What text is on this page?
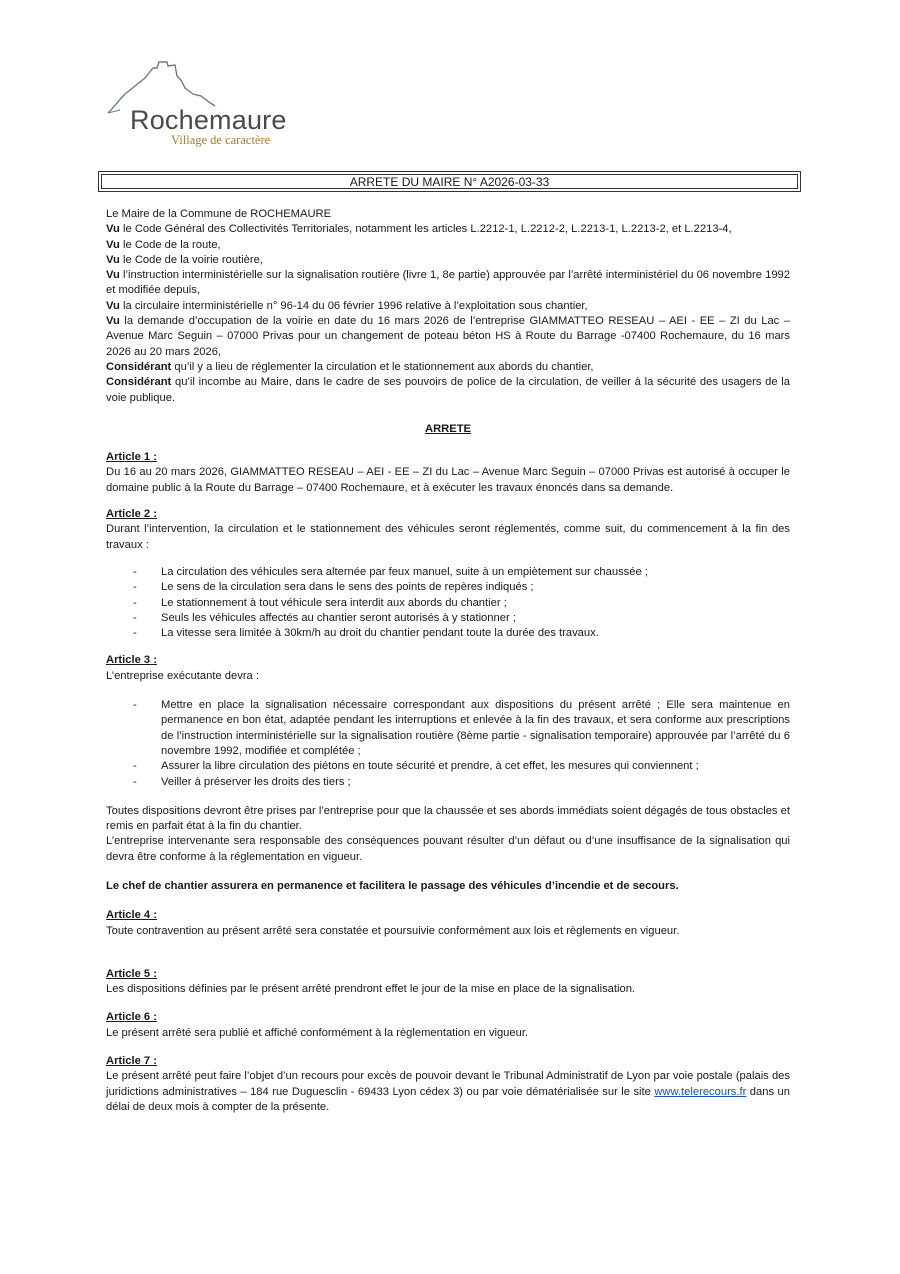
Rochemaure
Village de caractère
ARRETE DU MAIRE N° A2026-03-33

Le Maire de la Commune de ROCHEMAURE

Vu le Code Général des Collectivités Territoriales, notamment les articles L.2212-1, L.2212-2, L.2213-1, L.2213-2, et L.2213-4,

Vu le Code de la route,

Vu le Code de la voirie routière,

Vu l’instruction interministérielle sur la signalisation routière (livre 1, 8e partie) approuvée par l’arrêté interministériel du 06 novembre 1992 et modifiée depuis,

Vu la circulaire interministérielle n° 96-14 du 06 février 1996 relative à l’exploitation sous chantier,

Vu la demande d’occupation de la voirie en date du 16 mars 2026 de l’entreprise GIAMMATTEO RESEAU – AEI - EE – ZI du Lac – Avenue Marc Seguin – 07000 Privas pour un changement de poteau béton HS à Route du Barrage -07400 Rochemaure, du 16 mars 2026 au 20 mars 2026,

Considérant qu’il y a lieu de réglementer la circulation et le stationnement aux abords du chantier,

Considérant qu’il incombe au Maire, dans le cadre de ses pouvoirs de police de la circulation, de veiller à la sécurité des usagers de la voie publique.

ARRETE

Article 1 :

Du 16 au 20 mars 2026, GIAMMATTEO RESEAU – AEI - EE – ZI du Lac – Avenue Marc Seguin – 07000 Privas est autorisé à occuper le domaine public à la Route du Barrage – 07400 Rochemaure, et à exécuter les travaux énoncés dans sa demande.

Article 2 :

Durant l’intervention, la circulation et le stationnement des véhicules seront réglementés, comme suit, du commencement à la fin des travaux :

- La circulation des véhicules sera alternée par feux manuel, suite à un empiètement sur chaussée ;
- Le sens de la circulation sera dans le sens des points de repères indiqués ;
- Le stationnement à tout véhicule sera interdit aux abords du chantier ;
- Seuls les véhicules affectés au chantier seront autorisés à y stationner ;
- La vitesse sera limitée à 30km/h au droit du chantier pendant toute la durée des travaux.

Article 3 :

L’entreprise exécutante devra :

- Mettre en place la signalisation nécessaire correspondant aux dispositions du présent arrêté ; Elle sera maintenue en permanence en bon état, adaptée pendant les interruptions et enlevée à la fin des travaux, et sera conforme aux prescriptions de l’instruction interministérielle sur la signalisation routière (8ème partie - signalisation temporaire) approuvée par l’arrêté du 6 novembre 1992, modifiée et complétée ;
- Assurer la libre circulation des piétons en toute sécurité et prendre, à cet effet, les mesures qui conviennent ;
- Veiller à préserver les droits des tiers ;

Toutes dispositions devront être prises par l’entreprise pour que la chaussée et ses abords immédiats soient dégagés de tous obstacles et remis en parfait état à la fin du chantier.

L’entreprise intervenante sera responsable des conséquences pouvant résulter d’un défaut ou d’une insuffisance de la signalisation qui devra être conforme à la réglementation en vigueur.

Le chef de chantier assurera en permanence et facilitera le passage des véhicules d’incendie et de secours.

Article 4 :

Toute contravention au présent arrêté sera constatée et poursuivie conformément aux lois et règlements en vigueur.

Article 5 :

Les dispositions définies par le présent arrêté prendront effet le jour de la mise en place de la signalisation.

Article 6 :

Le présent arrêté sera publié et affiché conformément à la règlementation en vigueur.

Article 7 :

Le présent arrêté peut faire l’objet d’un recours pour excès de pouvoir devant le Tribunal Administratif de Lyon par voie postale (palais des juridictions administratives – 184 rue Duguesclin - 69433 Lyon cédex 3) ou par voie dématérialisée sur le site www.telerecours.fr dans un délai de deux mois à compter de la présente.
